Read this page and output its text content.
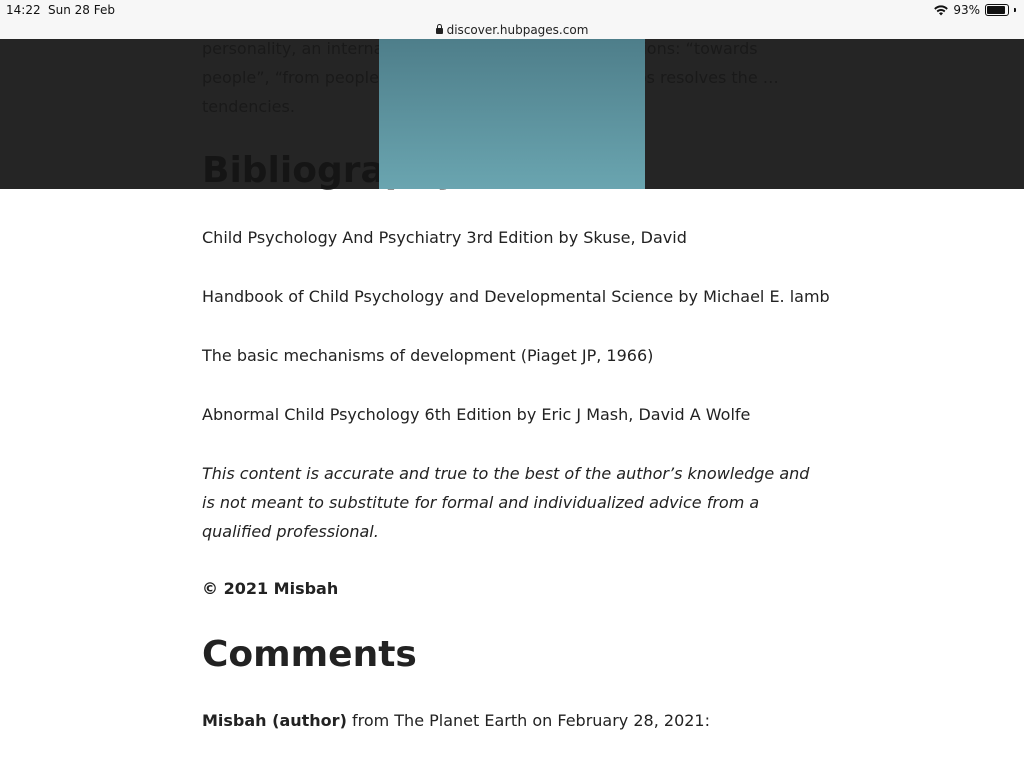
14:22 Sun 28 Feb	93%
discover.hubpages.com

Child Psychology And Psychiatry 3rd Edition by Skuse, David

Handbook of Child Psychology and Developmental Science by Michael E. lamb

The basic mechanisms of development (Piaget JP, 1966)

Abnormal Child Psychology 6th Edition by Eric J Mash, David A Wolfe

This content is accurate and true to the best of the author’s knowledge and is not meant to substitute for formal and individualized advice from a qualified professional.

© 2021 Misbah

Comments

Misbah (author) from The Planet Earth on February 28, 2021:
